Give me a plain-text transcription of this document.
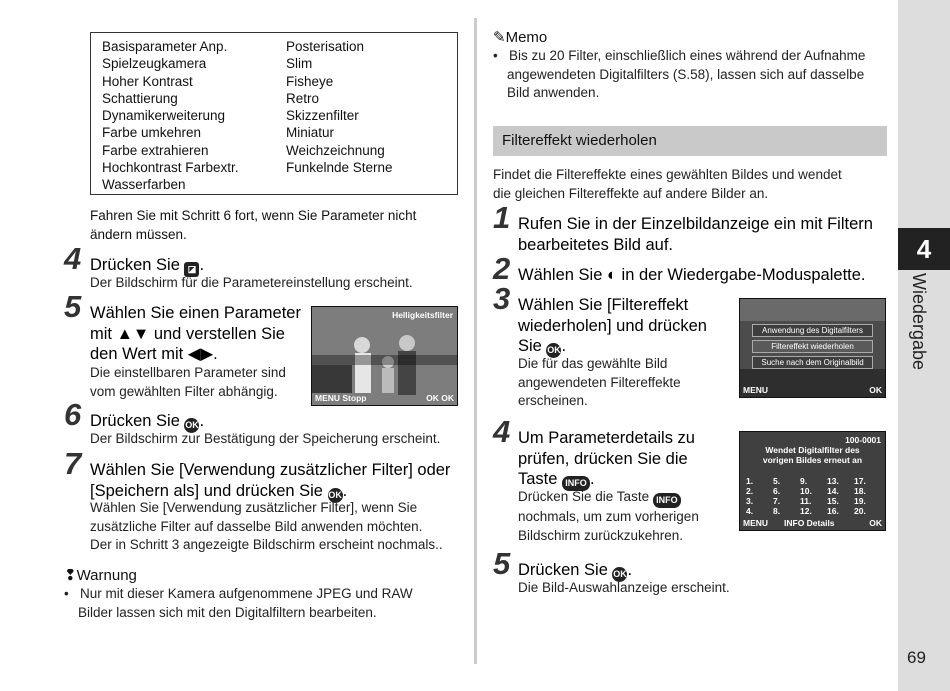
Basisparameter Anp.
Spielzeugkamera
Hoher Kontrast
Schattierung
Dynamikerweiterung
Farbe umkehren
Farbe extrahieren
Hochkontrast Farbextr.
Wasserfarben
Posterisation
Slim
Fisheye
Retro
Skizzenfilter
Miniatur
Weichzeichnung
Funkelnde Sterne
Fahren Sie mit Schritt 6 fort, wenn Sie Parameter nicht ändern müssen.
4 Drücken Sie ◪ .
Der Bildschirm für die Parametereinstellung erscheint.
5 Wählen Sie einen Parameter
mit ▲▼ und verstellen Sie
den Wert mit ◀▶.
Die einstellbaren Parameter sind
vom gewählten Filter abhängig.
Helligkeitsfilter
MENU Stopp	OK OK
6 Drücken Sie OK.
Der Bildschirm zur Bestätigung der Speicherung erscheint.
7 Wählen Sie [Verwendung zusätzlicher Filter] oder
[Speichern als] und drücken Sie OK.
Wählen Sie [Verwendung zusätzlicher Filter], wenn Sie
zusätzliche Filter auf dasselbe Bild anwenden möchten.
Der in Schritt 3 angezeigte Bildschirm erscheint nochmals..
❢Warnung
•   Nur mit dieser Kamera aufgenommene JPEG und RAW
Bilder lassen sich mit den Digitalfiltern bearbeiten.
✎Memo
•   Bis zu 20 Filter, einschließlich eines während der Aufnahme
angewendeten Digitalfilters (S.58), lassen sich auf dasselbe
Bild anwenden.
Filtereffekt wiederholen
Findet die Filtereffekte eines gewählten Bildes und wendet
die gleichen Filtereffekte auf andere Bilder an.
1 Rufen Sie in der Einzelbildanzeige ein mit Filtern
bearbeitetes Bild auf.
2 Wählen Sie ◐ in der Wiedergabe-Moduspalette.
3 Wählen Sie [Filtereffekt
wiederholen] und drücken
Sie OK.
Die für das gewählte Bild
angewendeten Filtereffekte
erscheinen.
Anwendung des Digitalfilters
Filtereffekt wiederholen
Suche nach dem Originalbild
MENU	OK
4 Um Parameterdetails zu
prüfen, drücken Sie die
Taste INFO .
Drücken Sie die Taste INFO
nochmals, um zum vorherigen
Bildschirm zurückzukehren.
100-0001
Wendet Digitalfilter des
vorigen Bildes erneut an
1. 5. 9. 13. 17.
2. 6. 10. 14. 18.
3. 7. 11. 15. 19.
4. 8. 12. 16. 20.
MENU INFO Details	OK
5 Drücken Sie OK.
Die Bild-Auswahlanzeige erscheint.
4
Wiedergabe
69
